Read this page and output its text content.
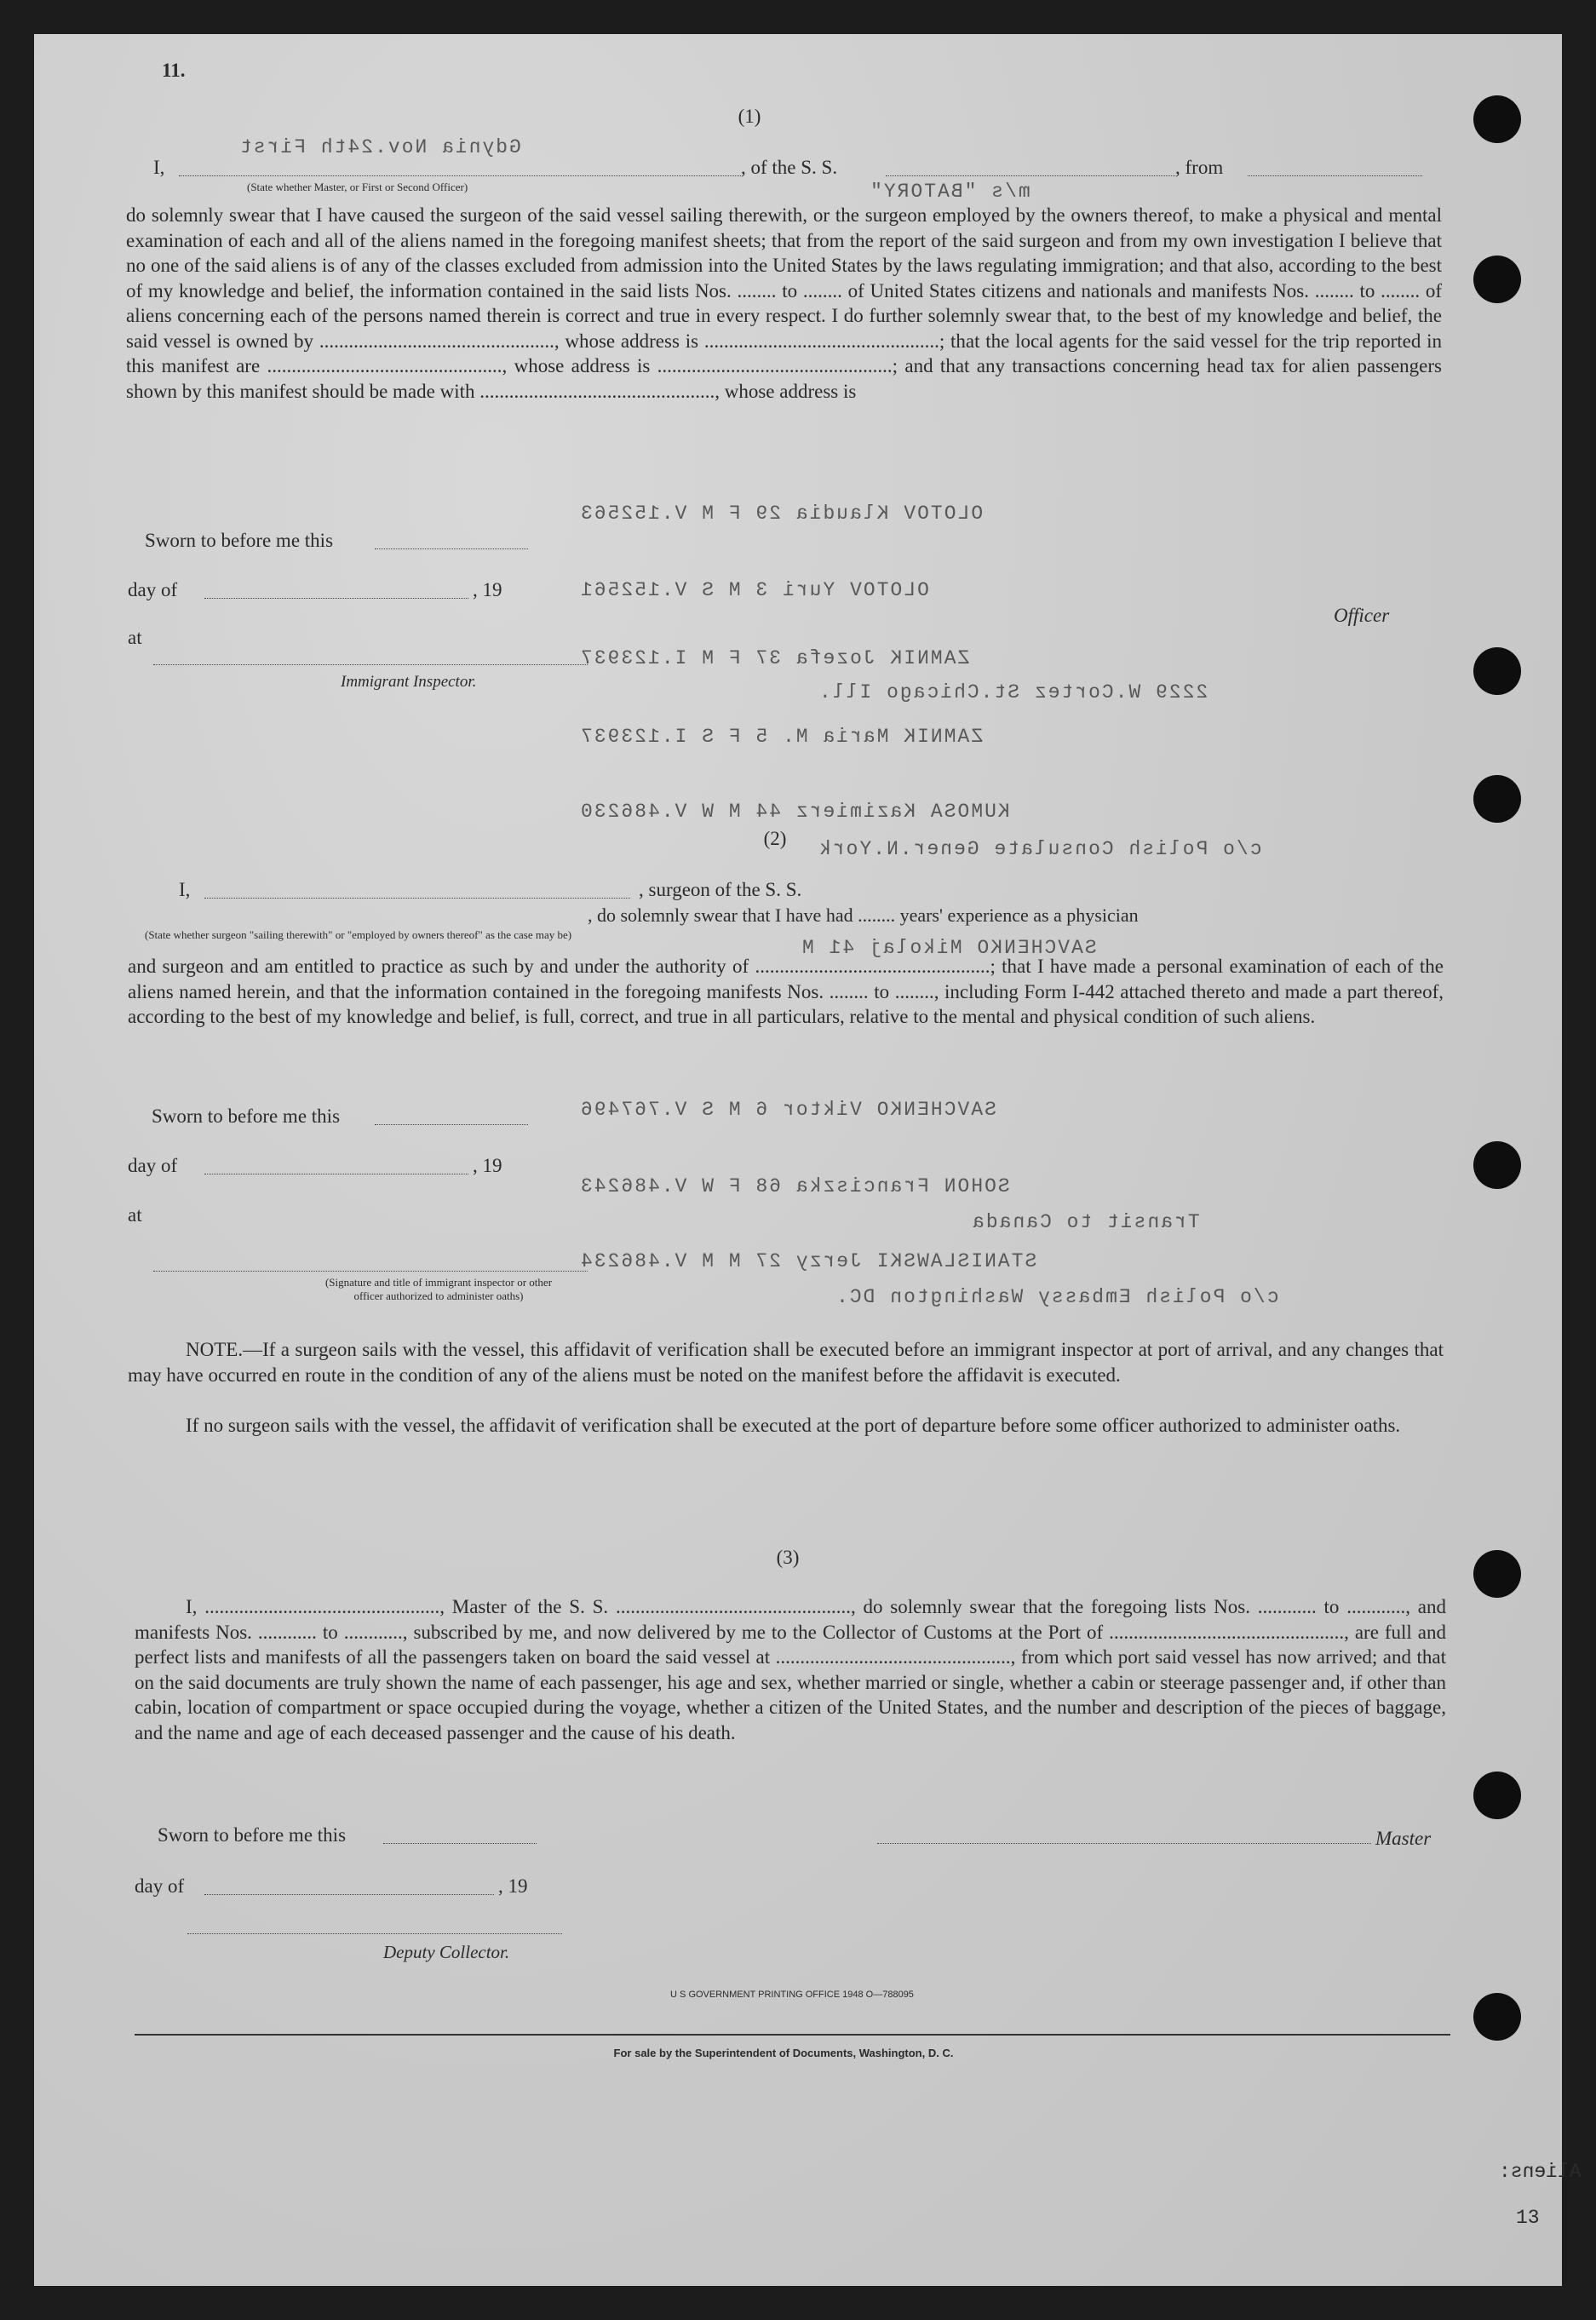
11.
Gdynia Nov.24th First
m/s "BATORY"
OLOTOV Klaudia 29 F M V.152563
OLOTOV Yuri 3 M S V.152561
ZAMNIK Jozefa 37 F M I.123937
2229 W.Cortez St.Chicago Ill.
ZAMNIK Maria M. 5 F S I.123937
KUMOSA Kazimierz 44 M W V.486230
c/o Polish Consulate Gener.N.York
SAVCHENKO Mikolaj 41 M
SAVCHENKO Viktor 6 M S V.767496
SOHON Franciszka 68 F W V.486243
Transit to Canada
STANISLAWSKI Jerzy 27 M M V.486234
c/o Polish Embassy Washington DC.
(1)
I,	, of the S. S.	, from
(State whether Master, or First or Second Officer)
do solemnly swear that I have caused the surgeon of the said vessel sailing therewith, or the surgeon employed by the owners thereof, to make a physical and mental examination of each and all of the aliens named in the foregoing manifest sheets; that from the report of the said surgeon and from my own investigation I believe that no one of the said aliens is of any of the classes excluded from admission into the United States by the laws regulating immigration; and that also, according to the best of my knowledge and belief, the information contained in the said lists Nos. ........ to ........ of United States citizens and nationals and manifests Nos. ........ to ........ of aliens concerning each of the persons named therein is correct and true in every respect. I do further solemnly swear that, to the best of my knowledge and belief, the said vessel is owned by ................................................, whose address is ................................................; that the local agents for the said vessel for the trip reported in this manifest are ................................................, whose address is ................................................; and that any transactions concerning head tax for alien passengers shown by this manifest should be made with ................................................, whose address is
Sworn to before me this
day of	, 19
at
Immigrant Inspector.
Officer
(2)
I,	, surgeon of the S. S.
, do solemnly swear that I have had ........ years' experience as a physician
(State whether surgeon "sailing therewith" or "employed by owners thereof" as the case may be)
and surgeon and am entitled to practice as such by and under the authority of ................................................; that I have made a personal examination of each of the aliens named herein, and that the information contained in the foregoing manifests Nos. ........ to ........, including Form I-442 attached thereto and made a part thereof, according to the best of my knowledge and belief, is full, correct, and true in all particulars, relative to the mental and physical condition of such aliens.
Sworn to before me this
day of	, 19
at
(Signature and title of immigrant inspector or other officer authorized to administer oaths)
NOTE.—If a surgeon sails with the vessel, this affidavit of verification shall be executed before an immigrant inspector at port of arrival, and any changes that may have occurred en route in the condition of any of the aliens must be noted on the manifest before the affidavit is executed.
If no surgeon sails with the vessel, the affidavit of verification shall be executed at the port of departure before some officer authorized to administer oaths.
(3)
I, ................................................, Master of the S. S. ................................................, do solemnly swear that the foregoing lists Nos. ............ to ............, and manifests Nos. ............ to ............, subscribed by me, and now delivered by me to the Collector of Customs at the Port of ................................................, are full and perfect lists and manifests of all the passengers taken on board the said vessel at ................................................, from which port said vessel has now arrived; and that on the said documents are truly shown the name of each passenger, his age and sex, whether married or single, whether a cabin or steerage passenger and, if other than cabin, location of compartment or space occupied during the voyage, whether a citizen of the United States, and the number and description of the pieces of baggage, and the name and age of each deceased passenger and the cause of his death.
Sworn to before me this
day of	, 19
Deputy Collector.
Master
U S GOVERNMENT PRINTING OFFICE 1948 O—788095
For sale by the Superintendent of Documents, Washington, D. C.
Aliens:
13
